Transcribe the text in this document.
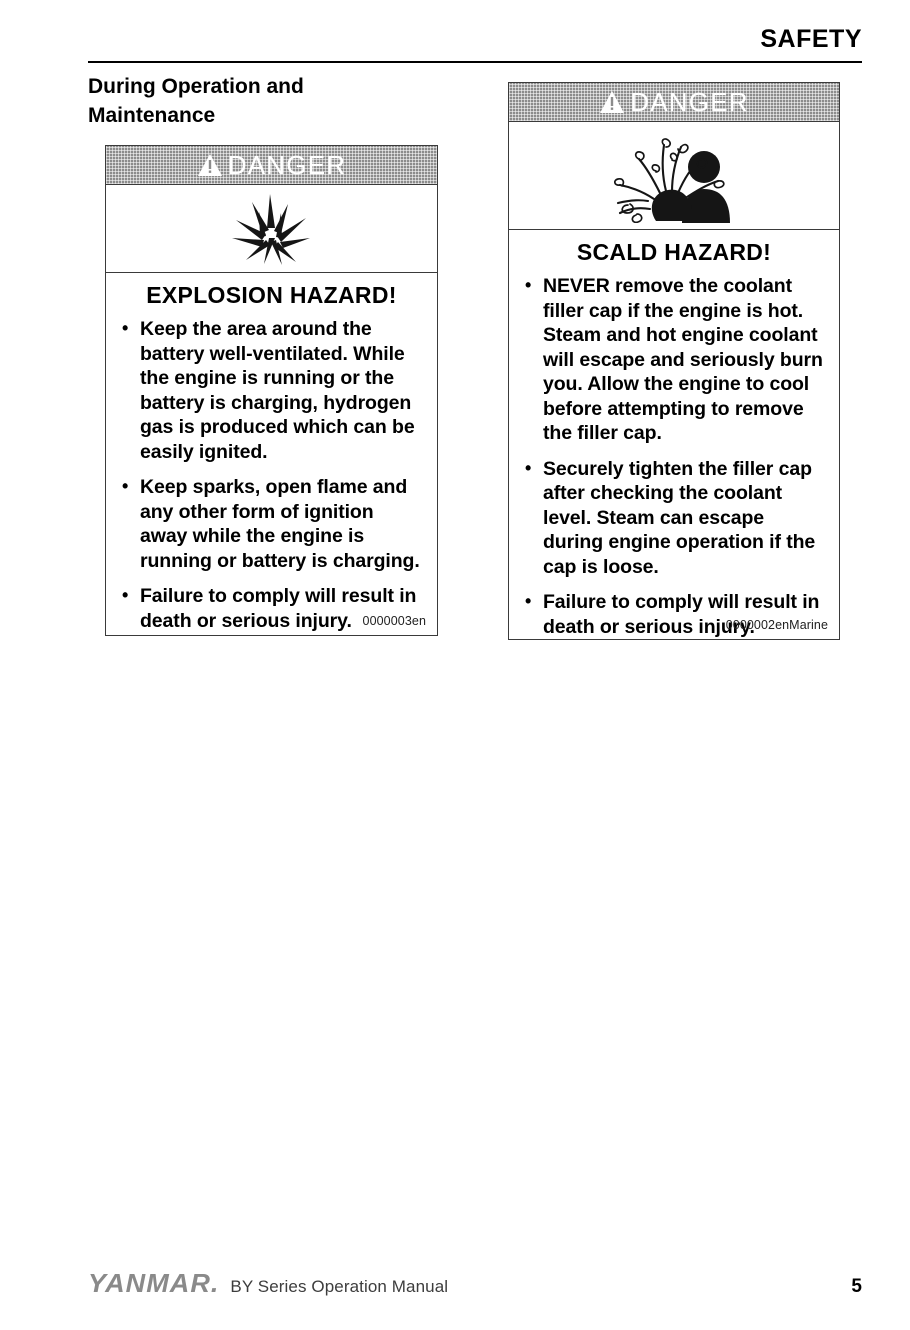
SAFETY
During Operation and Maintenance
DANGER
EXPLOSION HAZARD!
• Keep the area around the battery well-ventilated. While the engine is running or the battery is charging, hydrogen gas is produced which can be easily ignited.
• Keep sparks, open flame and any other form of ignition away while the engine is running or battery is charging.
• Failure to comply will result in death or serious injury. 0000003en
DANGER
SCALD HAZARD!
• NEVER remove the coolant filler cap if the engine is hot. Steam and hot engine coolant will escape and seriously burn you. Allow the engine to cool before attempting to remove the filler cap.
• Securely tighten the filler cap after checking the coolant level. Steam can escape during engine operation if the cap is loose.
• Failure to comply will result in death or serious injury.
0000002enMarine
YANMAR. BY Series Operation Manual	5
